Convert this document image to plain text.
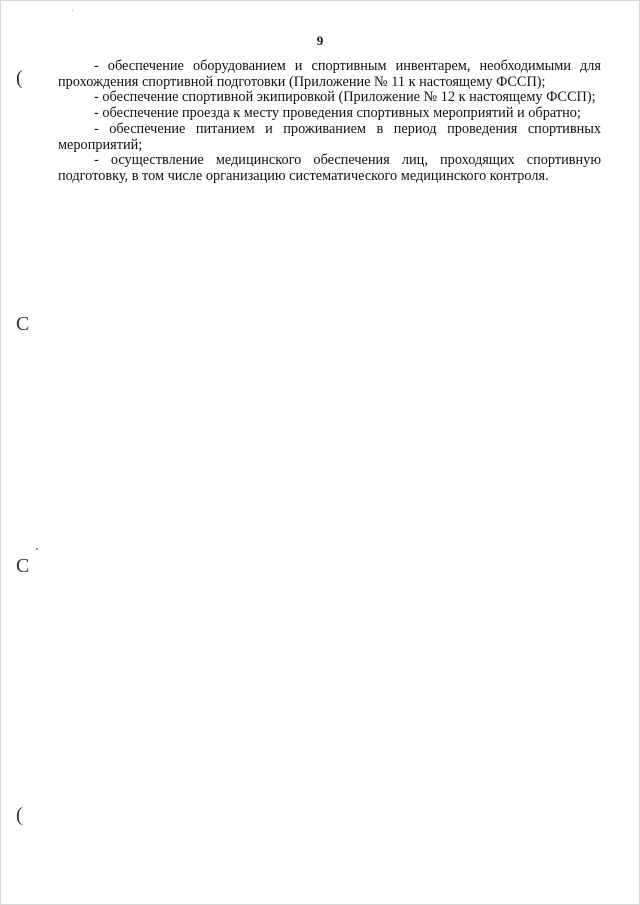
9

- обеспечение оборудованием и спортивным инвентарем, необходимыми для прохождения спортивной подготовки (Приложение № 11 к настоящему ФССП);

- обеспечение спортивной экипировкой (Приложение № 12 к настоящему ФССП);

- обеспечение проезда к месту проведения спортивных мероприятий и обратно;

- обеспечение питанием и проживанием в период проведения спортивных мероприятий;

- осуществление медицинского обеспечения лиц, проходящих спортивную подготовку, в том числе организацию систематического медицинского контроля.

(
C
C
(
